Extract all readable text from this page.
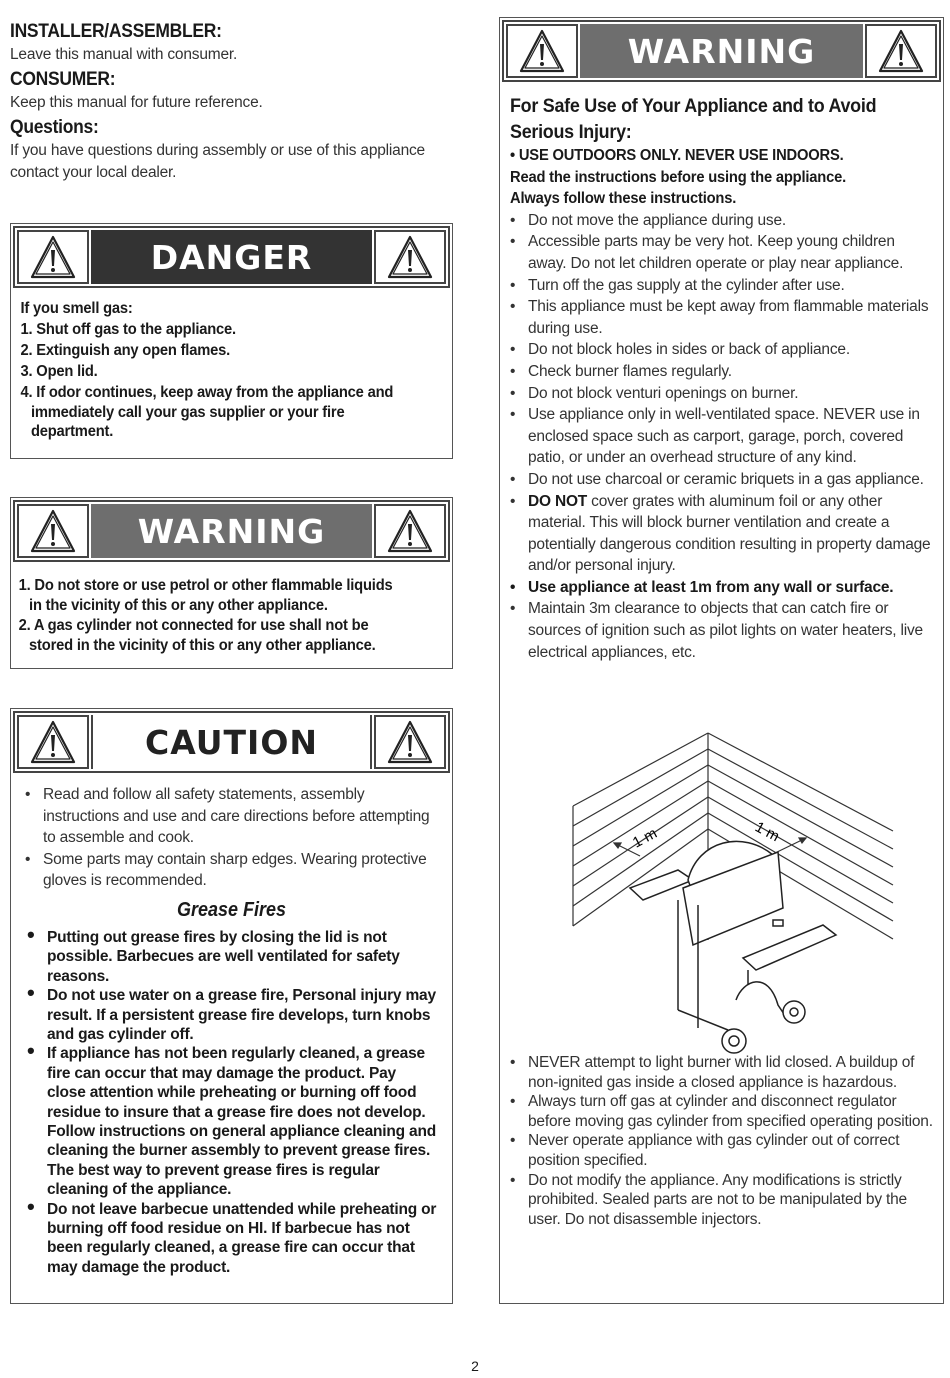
INSTALLER/ASSEMBLER:
Leave this manual with consumer.
CONSUMER:
Keep this manual for future reference.
Questions:
If you have questions during assembly or use of this appliance
contact your local dealer.
DANGER
If you smell gas:
1. Shut off gas to the appliance.
2. Extinguish any open flames.
3. Open lid.
4. If odor continues, keep away from the appliance and
immediately call your gas supplier or your fire
department.
WARNING
1. Do not store or use petrol or other flammable liquids
in the vicinity of this or any other appliance.
2. A gas cylinder not connected for use shall not be
stored in the vicinity of this or any other appliance.
CAUTION
• Read and follow all safety statements, assembly instructions and use and care directions before attempting to assemble and cook.
• Some parts may contain sharp edges. Wearing protective gloves is recommended.
Grease Fires
• Putting out grease fires by closing the lid is not possible. Barbecues are well ventilated for safety reasons.
• Do not use water on a grease fire, Personal injury may result. If a persistent grease fire develops, turn knobs and gas cylinder off.
• If appliance has not been regularly cleaned, a grease fire can occur that may damage the product. Pay close attention while preheating or burning off food residue to insure that a grease fire does not develop. Follow instructions on general appliance cleaning and cleaning the burner assembly to prevent grease fires. The best way to prevent grease fires is regular cleaning of the appliance.
• Do not leave barbecue unattended while preheating or burning off food residue on HI. If barbecue has not been regularly cleaned, a grease fire can occur that may damage the product.
WARNING
For Safe Use of Your Appliance and to Avoid
Serious Injury:
• USE OUTDOORS ONLY. NEVER USE INDOORS.
Read the instructions before using the appliance.
Always follow these instructions.
• Do not move the appliance during use.
• Accessible parts may be very hot. Keep young children away. Do not let children operate or play near appliance.
• Turn off the gas supply at the cylinder after use.
• This appliance must be kept away from flammable materials during use.
• Do not block holes in sides or back of appliance.
• Check burner flames regularly.
• Do not block venturi openings on burner.
• Use appliance only in well-ventilated space. NEVER use in enclosed space such as carport, garage, porch, covered patio, or under an overhead structure of any kind.
• Do not use charcoal or ceramic briquets in a gas appliance.
• DO NOT cover grates with aluminum foil or any other material. This will block burner ventilation and create a potentially dangerous condition resulting in property damage and/or personal injury.
• Use appliance at least 1m from any wall or surface.
• Maintain 3m clearance to objects that can catch fire or sources of ignition such as pilot lights on water heaters, live electrical appliances, etc.
1 m	1 m
• NEVER attempt to light burner with lid closed. A buildup of non-ignited gas inside a closed appliance is hazardous.
• Always turn off gas at cylinder and disconnect regulator before moving gas cylinder from specified operating position.
• Never operate appliance with gas cylinder out of correct position specified.
• Do not modify the appliance. Any modifications is strictly prohibited. Sealed parts are not to be manipulated by the user. Do not disassemble injectors.
2
